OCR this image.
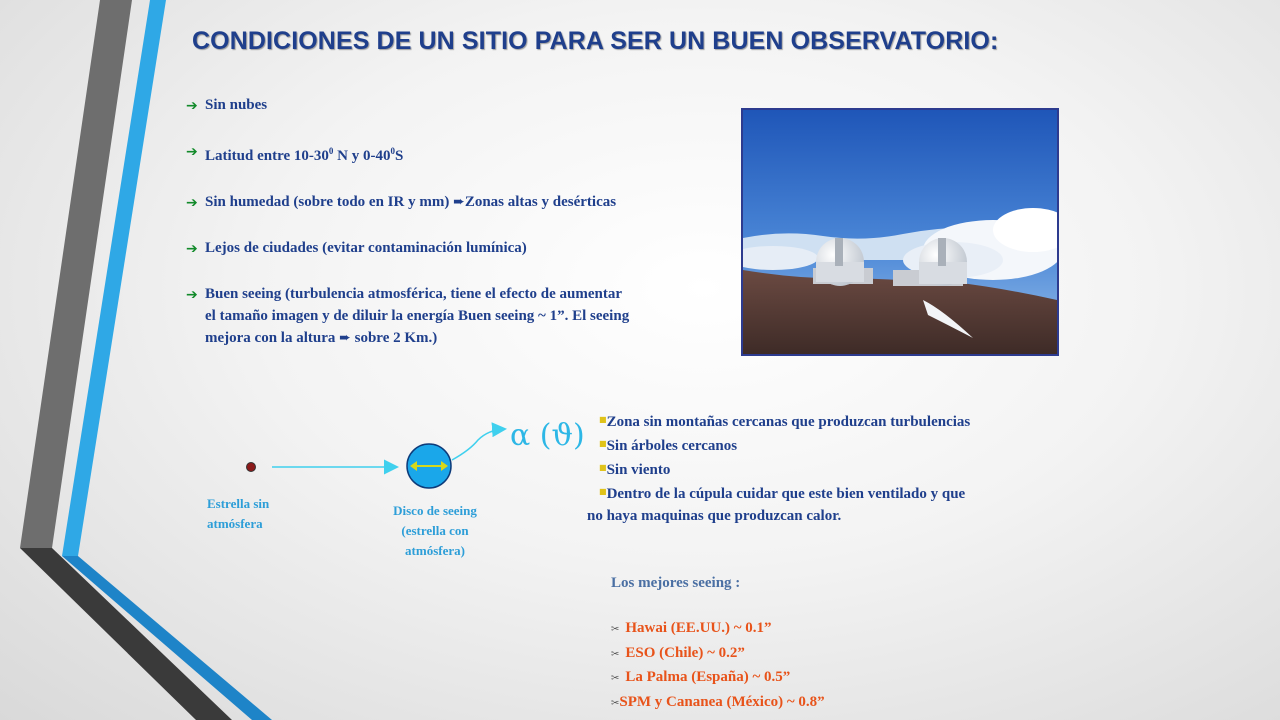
CONDICIONES DE UN SITIO PARA SER UN BUEN OBSERVATORIO:
➔ Sin nubes
➔ Latitud entre $10-30^0$ N y $0-40^0S$
➔ Sin humedad (sobre todo en IR y mm) ➨Zonas altas y desérticas
➔ Lejos de ciudades (evitar contaminación lumínica)
➔ Buen seeing (turbulencia atmosférica, tiene el efecto de aumentar
el tamaño imagen y de diluir la energía Buen seeing ~ 1”. El seeing
mejora con la altura ➨ sobre 2 Km.)
α (ϑ)
Estrella sin
atmósfera
Disco de seeing
(estrella con
atmósfera)
■Zona sin montañas cercanas que produzcan turbulencias
■Sin árboles cercanos
■Sin viento
■Dentro de la cúpula cuidar que este bien ventilado y que
no haya maquinas que produzcan calor.
Los mejores seeing :
✂ Hawai (EE.UU.) ~ 0.1”
✂ ESO (Chile) ~ 0.2”
✂ La Palma (España) ~ 0.5”
✂SPM y Cananea (México) ~ 0.8”
